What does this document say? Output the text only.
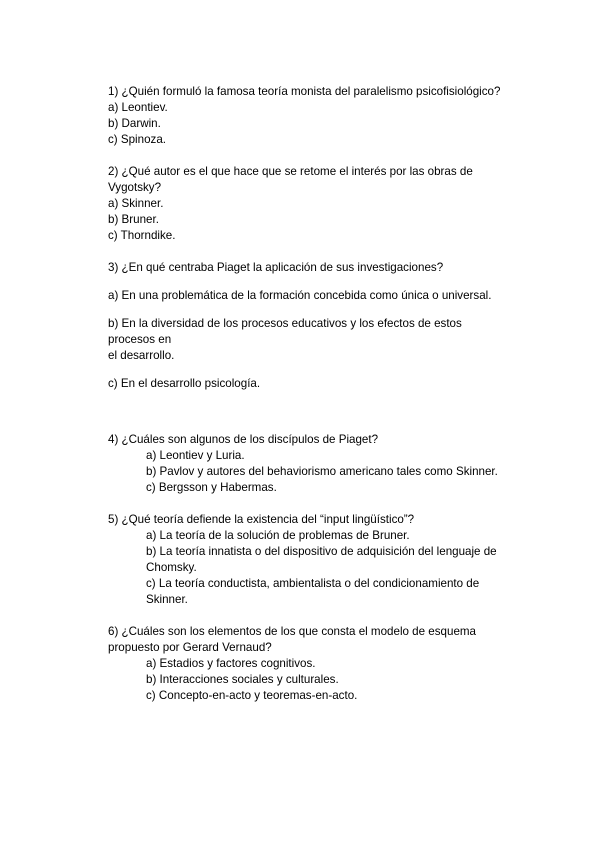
1) ¿Quién formuló la famosa teoría monista del paralelismo psicofisiológico?
a) Leontiev.
b) Darwin.
c) Spinoza.
2) ¿Qué autor es el que hace que se retome el interés por las obras de
Vygotsky?
a) Skinner.
b) Bruner.
c) Thorndike.
3) ¿En qué centraba Piaget la aplicación de sus investigaciones?
a) En una problemática de la formación concebida como única o universal.
b) En la diversidad de los procesos educativos y los efectos de estos
procesos en
el desarrollo.
c) En el desarrollo psicología.
4) ¿Cuáles son algunos de los discípulos de Piaget?
a) Leontiev y Luria.
b) Pavlov y autores del behaviorismo americano tales como Skinner.
c) Bergsson y Habermas.
5) ¿Qué teoría defiende la existencia del “input lingüístico”?
a) La teoría de la solución de problemas de Bruner.
b) La teoría innatista o del dispositivo de adquisición del lenguaje de
Chomsky.
c) La teoría conductista, ambientalista o del condicionamiento de
Skinner.
6) ¿Cuáles son los elementos de los que consta el modelo de esquema
propuesto por Gerard Vernaud?
a) Estadios y factores cognitivos.
b) Interacciones sociales y culturales.
c) Concepto-en-acto y teoremas-en-acto.
